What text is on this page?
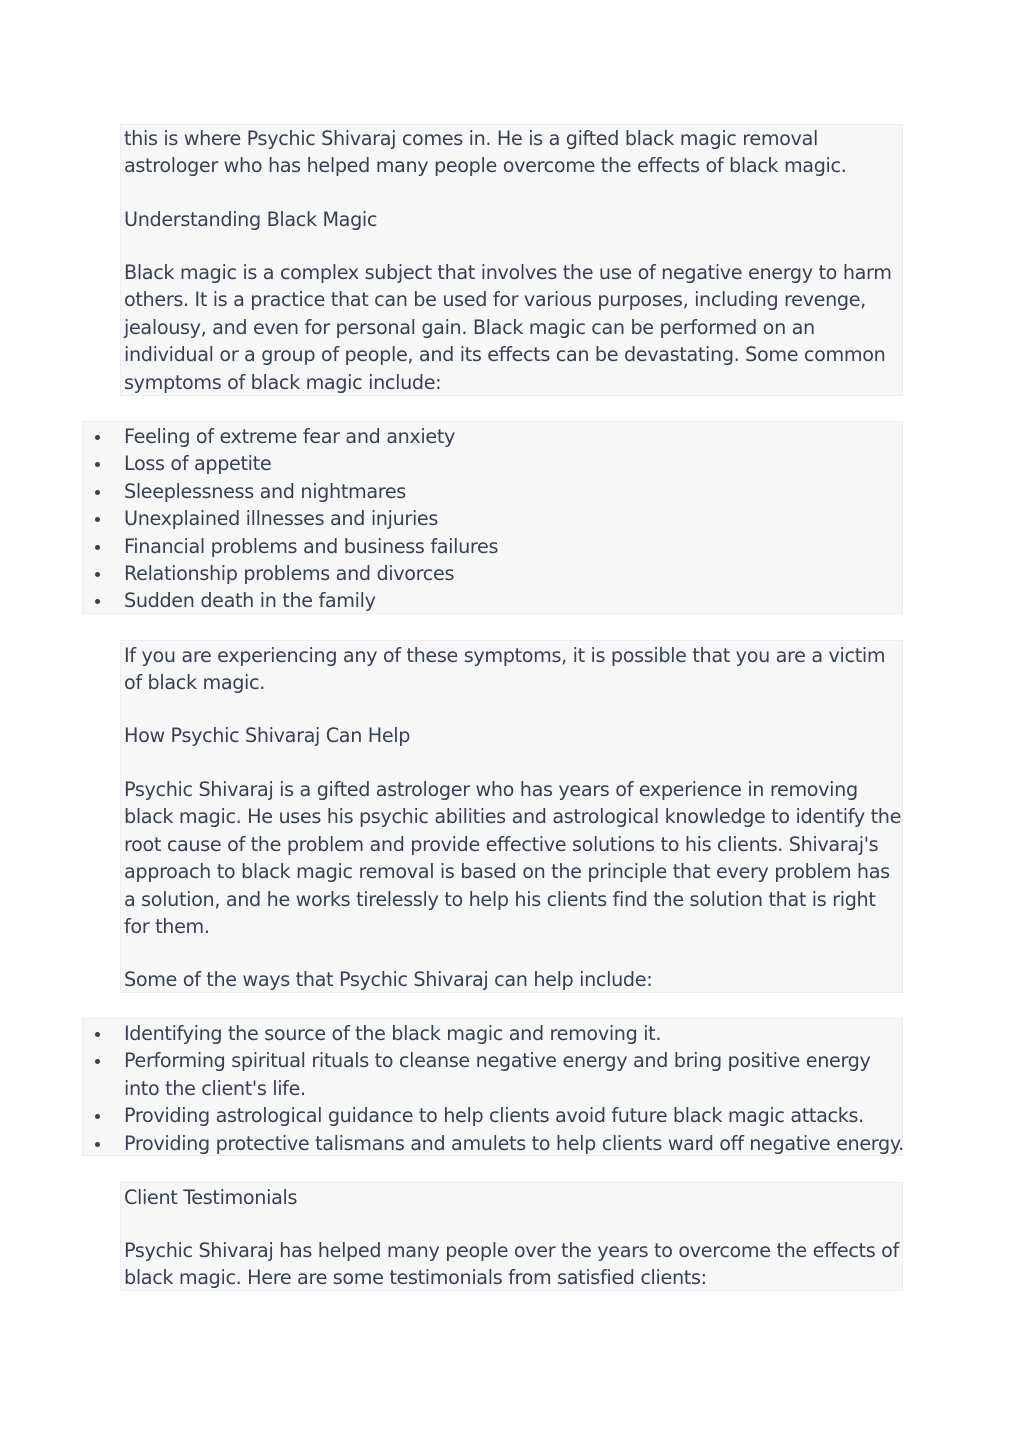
this is where Psychic Shivaraj comes in. He is a gifted black magic removal astrologer who has helped many people overcome the effects of black magic.

Understanding Black Magic

Black magic is a complex subject that involves the use of negative energy to harm others. It is a practice that can be used for various purposes, including revenge, jealousy, and even for personal gain. Black magic can be performed on an individual or a group of people, and its effects can be devastating. Some common symptoms of black magic include:

Feeling of extreme fear and anxiety
Loss of appetite
Sleeplessness and nightmares
Unexplained illnesses and injuries
Financial problems and business failures
Relationship problems and divorces
Sudden death in the family

If you are experiencing any of these symptoms, it is possible that you are a victim of black magic.

How Psychic Shivaraj Can Help

Psychic Shivaraj is a gifted astrologer who has years of experience in removing black magic. He uses his psychic abilities and astrological knowledge to identify the root cause of the problem and provide effective solutions to his clients. Shivaraj's approach to black magic removal is based on the principle that every problem has a solution, and he works tirelessly to help his clients find the solution that is right for them.

Some of the ways that Psychic Shivaraj can help include:

Identifying the source of the black magic and removing it.
Performing spiritual rituals to cleanse negative energy and bring positive energy into the client's life.
Providing astrological guidance to help clients avoid future black magic attacks.
Providing protective talismans and amulets to help clients ward off negative energy.

Client Testimonials

Psychic Shivaraj has helped many people over the years to overcome the effects of black magic. Here are some testimonials from satisfied clients:
